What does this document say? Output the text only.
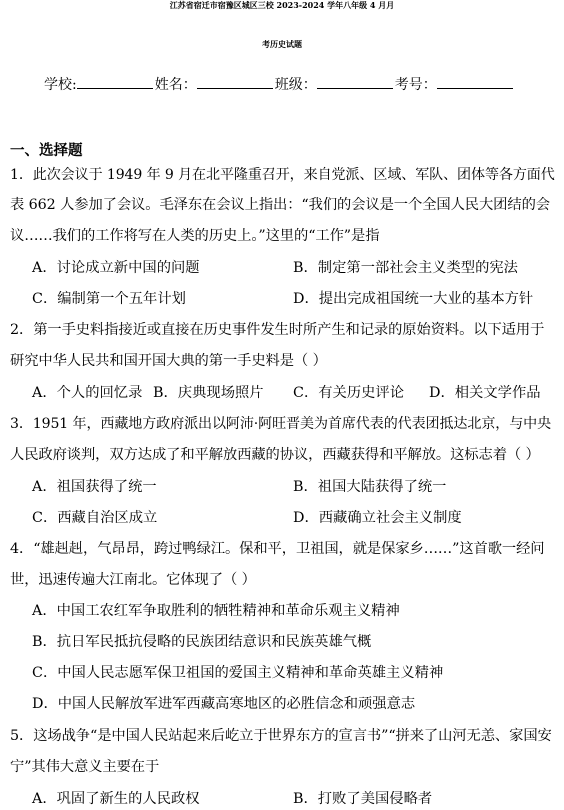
江苏省宿迁市宿豫区城区三校 2023-2024 学年八年级 4 月月
考历史试题
学校:	姓名：	班级：	考号：
一、选择题
1．此次会议于 1949 年 9 月在北平隆重召开，来自党派、区域、军队、团体等各方面代
表 662 人参加了会议。毛泽东在会议上指出：“我们的会议是一个全国人民大团结的会
议……我们的工作将写在人类的历史上。”这里的“工作”是指
A．讨论成立新中国的问题	B．制定第一部社会主义类型的宪法
C．编制第一个五年计划	D．提出完成祖国统一大业的基本方针
2．第一手史料指接近或直接在历史事件发生时所产生和记录的原始资料。以下适用于
研究中华人民共和国开国大典的第一手史料是（ ）
A．个人的回忆录 B．庆典现场照片 C．有关历史评论 D．相关文学作品
3．1951 年，西藏地方政府派出以阿沛·阿旺晋美为首席代表的代表团抵达北京，与中央
人民政府谈判，双方达成了和平解放西藏的协议，西藏获得和平解放。这标志着（ ）
A．祖国获得了统一	B．祖国大陆获得了统一
C．西藏自治区成立	D．西藏确立社会主义制度
4．“雄赳赳，气昂昂，跨过鸭绿江。保和平，卫祖国，就是保家乡……”这首歌一经问
世，迅速传遍大江南北。它体现了（ ）
A．中国工农红军争取胜利的牺牲精神和革命乐观主义精神
B．抗日军民抵抗侵略的民族团结意识和民族英雄气概
C．中国人民志愿军保卫祖国的爱国主义精神和革命英雄主义精神
D．中国人民解放军进军西藏高寒地区的必胜信念和顽强意志
5．这场战争“是中国人民站起来后屹立于世界东方的宣言书”“拼来了山河无恙、家国安
宁”其伟大意义主要在于
A．巩固了新生的人民政权	B．打败了美国侵略者
